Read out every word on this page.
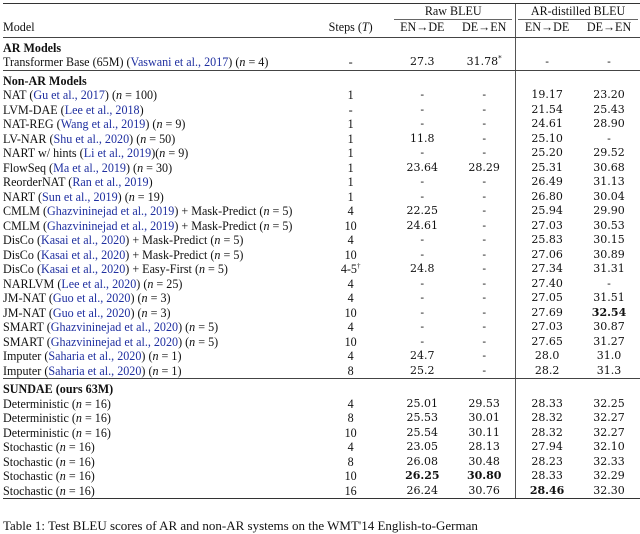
		Raw BLEU		AR-distilled BLEU	
Model	Steps (T)	EN→DE	DE→EN	EN→DE	DE→EN
AR Models					
Transformer Base (65M) (Vaswani et al., 2017) (n = 4)	-	27.3	31.78*	-	-
Non-AR Models					
NAT (Gu et al., 2017) (n = 100)	1	-	-	19.17	23.20
LVM-DAE (Lee et al., 2018)	-	-	-	21.54	25.43
NAT-REG (Wang et al., 2019) (n = 9)	1	-	-	24.61	28.90
LV-NAR (Shu et al., 2020) (n = 50)	1	11.8	-	25.10	-
NART w/ hints (Li et al., 2019)(n = 9)	1	-	-	25.20	29.52
FlowSeq (Ma et al., 2019) (n = 30)	1	23.64	28.29	25.31	30.68
ReorderNAT (Ran et al., 2019)	1	-	-	26.49	31.13
NART (Sun et al., 2019) (n = 19)	1	-	-	26.80	30.04
CMLM (Ghazvininejad et al., 2019) + Mask-Predict (n = 5)	4	22.25	-	25.94	29.90
CMLM (Ghazvininejad et al., 2019) + Mask-Predict (n = 5)	10	24.61	-	27.03	30.53
DisCo (Kasai et al., 2020) + Mask-Predict (n = 5)	4	-	-	25.83	30.15
DisCo (Kasai et al., 2020) + Mask-Predict (n = 5)	10	-	-	27.06	30.89
DisCo (Kasai et al., 2020) + Easy-First (n = 5)	4-5†	24.8	-	27.34	31.31
NARLVM (Lee et al., 2020) (n = 25)	4	-	-	27.40	-
JM-NAT (Guo et al., 2020) (n = 3)	4	-	-	27.05	31.51
JM-NAT (Guo et al., 2020) (n = 3)	10	-	-	27.69	32.54
SMART (Ghazvininejad et al., 2020) (n = 5)	4	-	-	27.03	30.87
SMART (Ghazvininejad et al., 2020) (n = 5)	10	-	-	27.65	31.27
Imputer (Saharia et al., 2020) (n = 1)	4	24.7	-	28.0	31.0
Imputer (Saharia et al., 2020) (n = 1)	8	25.2	-	28.2	31.3
SUNDAE (ours 63M)					
Deterministic (n = 16)	4	25.01	29.53	28.33	32.25
Deterministic (n = 16)	8	25.53	30.01	28.32	32.27
Deterministic (n = 16)	10	25.54	30.11	28.32	32.27
Stochastic (n = 16)	4	23.05	28.13	27.94	32.10
Stochastic (n = 16)	8	26.08	30.48	28.23	32.33
Stochastic (n = 16)	10	26.25	30.80	28.33	32.29
Stochastic (n = 16)	16	26.24	30.76	28.46	32.30
Table 1: Test BLEU scores of AR and non-AR systems on the WMT'14 English-to-German
